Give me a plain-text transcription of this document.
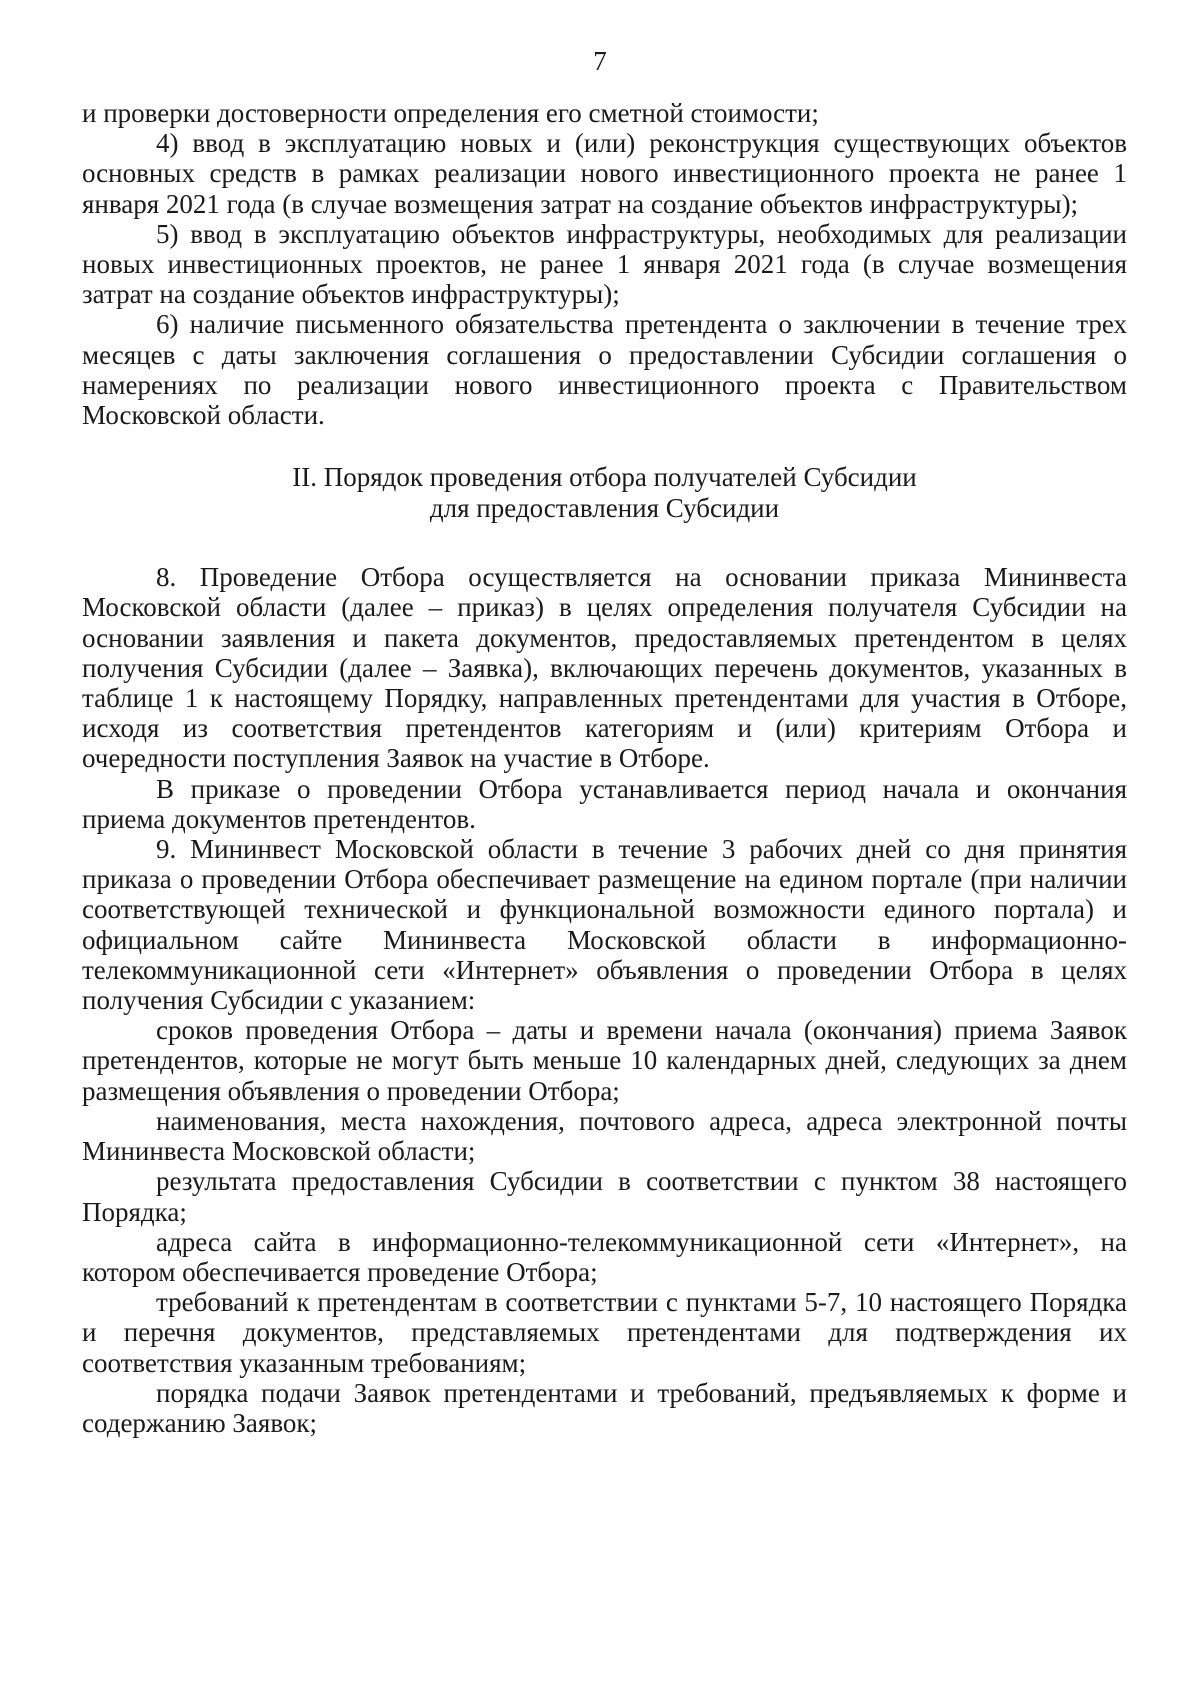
7

и проверки достоверности определения его сметной стоимости;

4) ввод в эксплуатацию новых и (или) реконструкция существующих объектов основных средств в рамках реализации нового инвестиционного проекта не ранее 1 января 2021 года (в случае возмещения затрат на создание объектов инфраструктуры);

5) ввод в эксплуатацию объектов инфраструктуры, необходимых для реализации новых инвестиционных проектов, не ранее 1 января 2021 года (в случае возмещения затрат на создание объектов инфраструктуры);

6) наличие письменного обязательства претендента о заключении в течение трех месяцев с даты заключения соглашения о предоставлении Субсидии соглашения о намерениях по реализации нового инвестиционного проекта с Правительством Московской области.

II. Порядок проведения отбора получателей Субсидии
для предоставления Субсидии

8. Проведение Отбора осуществляется на основании приказа Мининвеста Московской области (далее – приказ) в целях определения получателя Субсидии на основании заявления и пакета документов, предоставляемых претендентом в целях получения Субсидии (далее – Заявка), включающих перечень документов, указанных в таблице 1 к настоящему Порядку, направленных претендентами для участия в Отборе, исходя из соответствия претендентов категориям и (или) критериям Отбора и очередности поступления Заявок на участие в Отборе.

В приказе о проведении Отбора устанавливается период начала и окончания приема документов претендентов.

9. Мининвест Московской области в течение 3 рабочих дней со дня принятия приказа о проведении Отбора обеспечивает размещение на едином портале (при наличии соответствующей технической и функциональной возможности единого портала) и официальном сайте Мининвеста Московской области в информационно-телекоммуникационной сети «Интернет» объявления о проведении Отбора в целях получения Субсидии с указанием:

сроков проведения Отбора – даты и времени начала (окончания) приема Заявок претендентов, которые не могут быть меньше 10 календарных дней, следующих за днем размещения объявления о проведении Отбора;

наименования, места нахождения, почтового адреса, адреса электронной почты Мининвеста Московской области;

результата предоставления Субсидии в соответствии с пунктом 38 настоящего Порядка;

адреса сайта в информационно-телекоммуникационной сети «Интернет», на котором обеспечивается проведение Отбора;

требований к претендентам в соответствии с пунктами 5-7, 10 настоящего Порядка и перечня документов, представляемых претендентами для подтверждения их соответствия указанным требованиям;

порядка подачи Заявок претендентами и требований, предъявляемых к форме и содержанию Заявок;
